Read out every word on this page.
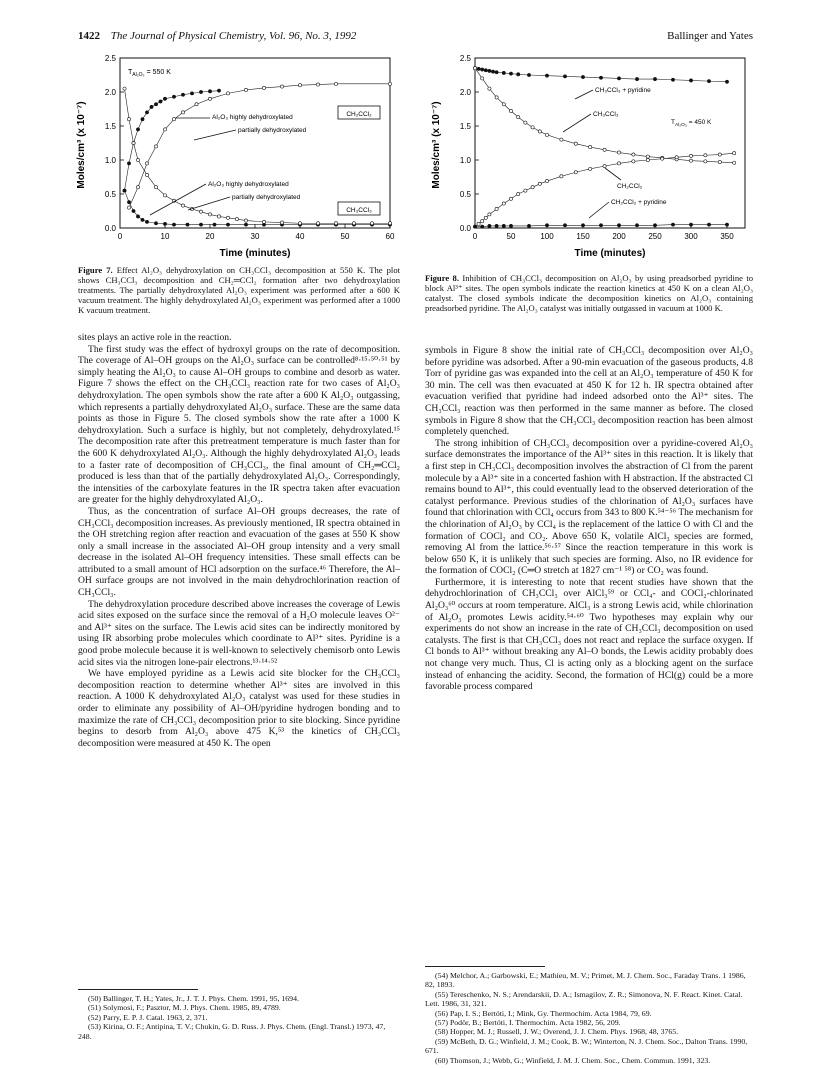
1422 The Journal of Physical Chemistry, Vol. 96, No. 3, 1992	Ballinger and Yates
0	10	20	30	40	50	60
0.0
0.5
1.0
1.5
2.0
2.5
Moles/cm³ (x 10⁻⁷)
Time (minutes)
$T_{Al_2O_3} = 550$ K
Al₂O₃ highly dehydroxylated
partially dehydroxylated
CH₂CCl₂
Al₂O₃ highly dehydroxylated
partially dehydroxylated
CH₃CCl₃
0	50	100	150	200	250	300	350
0.0
0.5
1.0
1.5
2.0
2.5
Moles/cm³ (x 10⁻⁷)
Time (minutes)
CH₃CCl₃ + pyridine
CH₃CCl₃
$T_{Al_2O_3} = 450$ K
CH₂CCl₂
CH₂CCl₂ + pyridine
Figure 7. Effect Al₂O₃ dehydroxylation on CH₃CCl₃ decomposition at 550 K. The plot shows CH₃CCl₃ decomposition and CH₂═CCl₂ formation after two dehydroxylation treatments. The partially dehydroxylated Al₂O₃ experiment was performed after a 600 K vacuum treatment. The highly dehydroxylated Al₂O₃ experiment was performed after a 1000 K vacuum treatment.
Figure 8. Inhibition of CH₃CCl₃ decomposition on Al₂O₃ by using preadsorbed pyridine to block Al³⁺ sites. The open symbols indicate the reaction kinetics at 450 K on a clean Al₂O₃ catalyst. The closed symbols indicate the decomposition kinetics on Al₂O₃ containing preadsorbed pyridine. The Al₂O₃ catalyst was initially outgassed in vacuum at 1000 K.

sites plays an active role in the reaction.

The first study was the effect of hydroxyl groups on the rate of decomposition. The coverage of Al–OH groups on the Al₂O₃ surface can be controlled⁸·¹⁵·⁵⁰·⁵¹ by simply heating the Al₂O₃ to cause Al–OH groups to combine and desorb as water. Figure 7 shows the effect on the CH₃CCl₃ reaction rate for two cases of Al₂O₃ dehydroxylation. The open symbols show the rate after a 600 K Al₂O₃ outgassing, which represents a partially dehydroxylated Al₂O₃ surface. These are the same data points as those in Figure 5. The closed symbols show the rate after a 1000 K dehydroxylation. Such a surface is highly, but not completely, dehydroxylated.¹⁵ The decomposition rate after this pretreatment temperature is much faster than for the 600 K dehydroxylated Al₂O₃. Although the highly dehydroxylated Al₂O₃ leads to a faster rate of decomposition of CH₃CCl₃, the final amount of CH₂═CCl₂ produced is less than that of the partially dehydroxylated Al₂O₃. Correspondingly, the intensities of the carboxylate features in the IR spectra taken after evacuation are greater for the highly dehydroxylated Al₂O₃.

Thus, as the concentration of surface Al–OH groups decreases, the rate of CH₃CCl₃ decomposition increases. As previously mentioned, IR spectra obtained in the OH stretching region after reaction and evacuation of the gases at 550 K show only a small increase in the associated Al–OH group intensity and a very small decrease in the isolated Al–OH frequency intensities. These small effects can be attributed to a small amount of HCl adsorption on the surface.⁴⁶ Therefore, the Al–OH surface groups are not involved in the main dehydrochlorination reaction of CH₃CCl₃.

The dehydroxylation procedure described above increases the coverage of Lewis acid sites exposed on the surface since the removal of a H₂O molecule leaves O²⁻ and Al³⁺ sites on the surface. The Lewis acid sites can be indirectly monitored by using IR absorbing probe molecules which coordinate to Al³⁺ sites. Pyridine is a good probe molecule because it is well-known to selectively chemisorb onto Lewis acid sites via the nitrogen lone-pair electrons.¹³·¹⁴·⁵²

We have employed pyridine as a Lewis acid site blocker for the CH₃CCl₃ decomposition reaction to determine whether Al³⁺ sites are involved in this reaction. A 1000 K dehydroxylated Al₂O₃ catalyst was used for these studies in order to eliminate any possibility of Al–OH/pyridine hydrogen bonding and to maximize the rate of CH₃CCl₃ decomposition prior to site blocking. Since pyridine begins to desorb from Al₂O₃ above 475 K,⁵³ the kinetics of CH₃CCl₃ decomposition were measured at 450 K. The open

symbols in Figure 8 show the initial rate of CH₃CCl₃ decomposition over Al₂O₃ before pyridine was adsorbed. After a 90-min evacuation of the gaseous products, 4.8 Torr of pyridine gas was expanded into the cell at an Al₂O₃ temperature of 450 K for 30 min. The cell was then evacuated at 450 K for 12 h. IR spectra obtained after evacuation verified that pyridine had indeed adsorbed onto the Al³⁺ sites. The CH₃CCl₃ reaction was then performed in the same manner as before. The closed symbols in Figure 8 show that the CH₃CCl₃ decomposition reaction has been almost completely quenched.

The strong inhibition of CH₃CCl₃ decomposition over a pyridine-covered Al₂O₃ surface demonstrates the importance of the Al³⁺ sites in this reaction. It is likely that a first step in CH₃CCl₃ decomposition involves the abstraction of Cl from the parent molecule by a Al³⁺ site in a concerted fashion with H abstraction. If the abstracted Cl remains bound to Al³⁺, this could eventually lead to the observed deterioration of the catalyst performance. Previous studies of the chlorination of Al₂O₃ surfaces have found that chlorination with CCl₄ occurs from 343 to 800 K.⁵⁴⁻⁵⁶ The mechanism for the chlorination of Al₂O₃ by CCl₄ is the replacement of the lattice O with Cl and the formation of COCl₂ and CO₂. Above 650 K, volatile AlCl₃ species are formed, removing Al from the lattice.⁵⁶·⁵⁷ Since the reaction temperature in this work is below 650 K, it is unlikely that such species are forming. Also, no IR evidence for the formation of COCl₂ (C═O stretch at 1827 cm⁻¹ ⁵⁸) or CO₂ was found.

Furthermore, it is interesting to note that recent studies have shown that the dehydrochlorination of CH₃CCl₃ over AlCl₃⁵⁹ or CCl₄- and COCl₂-chlorinated Al₂O₃⁶⁰ occurs at room temperature. AlCl₃ is a strong Lewis acid, while chlorination of Al₂O₃ promotes Lewis acidity.⁵⁴·⁶⁰ Two hypotheses may explain why our experiments do not show an increase in the rate of CH₃CCl₃ decomposition on used catalysts. The first is that CH₃CCl₃ does not react and replace the surface oxygen. If Cl bonds to Al³⁺ without breaking any Al–O bonds, the Lewis acidity probably does not change very much. Thus, Cl is acting only as a blocking agent on the surface instead of enhancing the acidity. Second, the formation of HCl(g) could be a more favorable process compared

(50) Ballinger, T. H.; Yates, Jr., J. T. J. Phys. Chem. 1991, 95, 1694.
(51) Solymosi, F.; Pasztor, M. J. Phys. Chem. 1985, 89, 4789.
(52) Parry, E. P. J. Catal. 1963, 2, 371.
(53) Kirina, O. F.; Antipina, T. V.; Chukin, G. D. Russ. J. Phys. Chem. (Engl. Transl.) 1973, 47, 248.
(54) Melchor, A.; Garbowski, E.; Mathieu, M. V.; Primet, M. J. Chem. Soc., Faraday Trans. 1 1986, 82, 1893.
(55) Tereschenko, N. S.; Arendarskii, D. A.; Ismagilov, Z. R.; Simonova, N. F. React. Kinet. Catal. Lett. 1986, 31, 321.
(56) Pap, I. S.; Bertóti, I.; Mink, Gy. Thermochim. Acta 1984, 79, 69.
(57) Podör, B.; Bertóti, I. Thermochim. Acta 1982, 56, 209.
(58) Hopper, M. J.; Russell, J. W.; Overend, J. J. Chem. Phys. 1968, 48, 3765.
(59) McBeth, D. G.; Winfield, J. M.; Cook, B. W.; Winterton, N. J. Chem. Soc., Dalton Trans. 1990, 671.
(60) Thomson, J.; Webb, G.; Winfield, J. M. J. Chem. Soc., Chem. Commun. 1991, 323.
